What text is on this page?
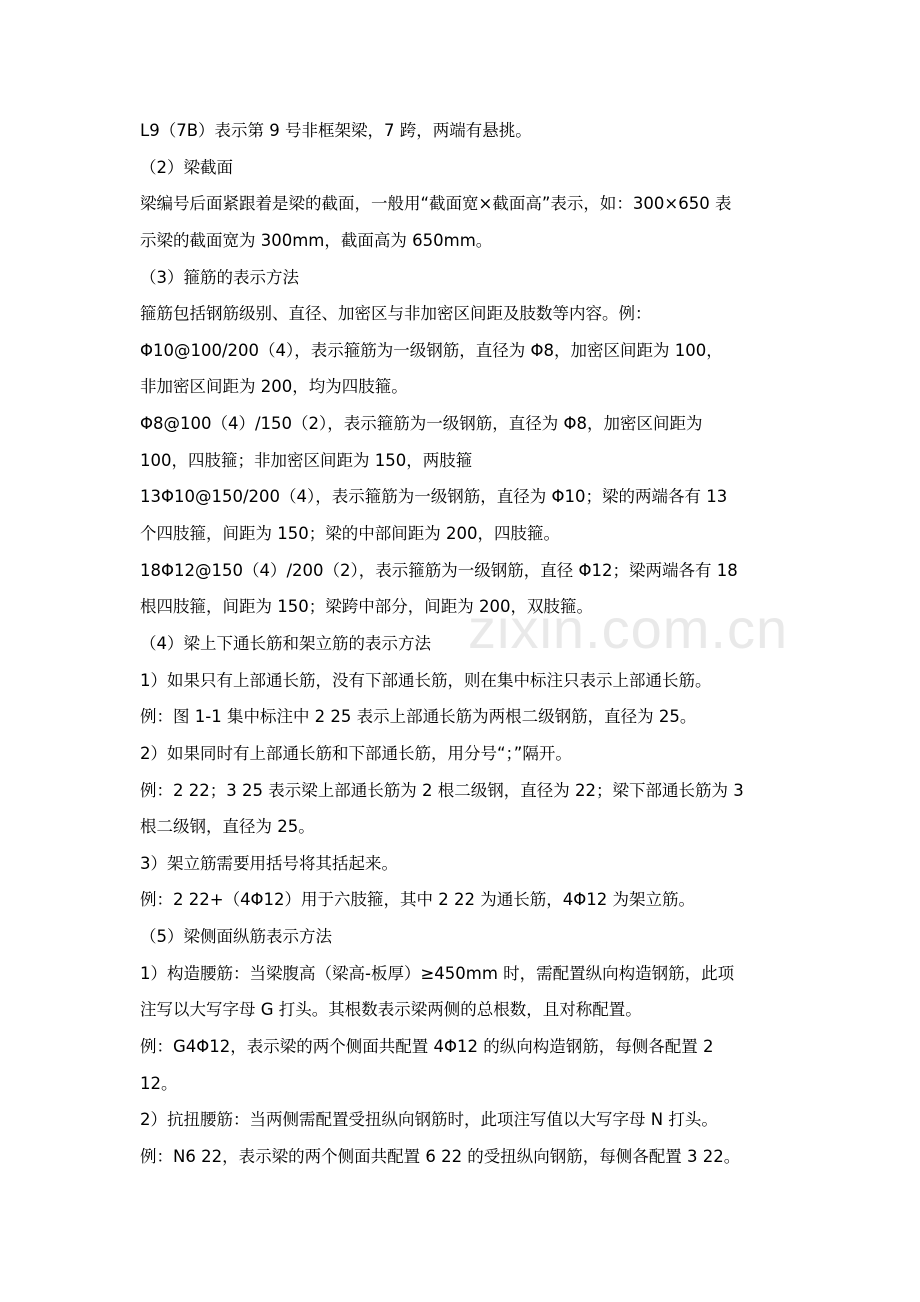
zixin.com.cn
L9（7B）表示第 9 号非框架梁，7 跨，两端有悬挑。
（2）梁截面
梁编号后面紧跟着是梁的截面，一般用“截面宽×截面高”表示，如：300×650 表
示梁的截面宽为 300mm，截面高为 650mm。
（3）箍筋的表示方法
箍筋包括钢筋级别、直径、加密区与非加密区间距及肢数等内容。例：
Φ10@100/200（4），表示箍筋为一级钢筋，直径为 Φ8，加密区间距为 100，
非加密区间距为 200，均为四肢箍。
Φ8@100（4）/150（2），表示箍筋为一级钢筋，直径为 Φ8，加密区间距为
100，四肢箍；非加密区间距为 150，两肢箍
13Φ10@150/200（4），表示箍筋为一级钢筋，直径为 Φ10；梁的两端各有 13
个四肢箍，间距为 150；梁的中部间距为 200，四肢箍。
18Φ12@150（4）/200（2），表示箍筋为一级钢筋，直径 Φ12；梁两端各有 18
根四肢箍，间距为 150；梁跨中部分，间距为 200，双肢箍。
（4）梁上下通长筋和架立筋的表示方法
1）如果只有上部通长筋，没有下部通长筋，则在集中标注只表示上部通长筋。
例：图 1-1 集中标注中 2 25 表示上部通长筋为两根二级钢筋，直径为 25。
2）如果同时有上部通长筋和下部通长筋，用分号“；”隔开。
例：2 22；3 25 表示梁上部通长筋为 2 根二级钢，直径为 22；梁下部通长筋为 3
根二级钢，直径为 25。
3）架立筋需要用括号将其括起来。
例：2 22+（4Φ12）用于六肢箍，其中 2 22 为通长筋，4Φ12 为架立筋。
（5）梁侧面纵筋表示方法
1）构造腰筋：当梁腹高（梁高-板厚）≥450mm 时，需配置纵向构造钢筋，此项
注写以大写字母 G 打头。其根数表示梁两侧的总根数，且对称配置。
例：G4Φ12，表示梁的两个侧面共配置 4Φ12 的纵向构造钢筋，每侧各配置 2
12。
2）抗扭腰筋：当两侧需配置受扭纵向钢筋时，此项注写值以大写字母 N 打头。
例：N6 22，表示梁的两个侧面共配置 6 22 的受扭纵向钢筋，每侧各配置 3 22。
